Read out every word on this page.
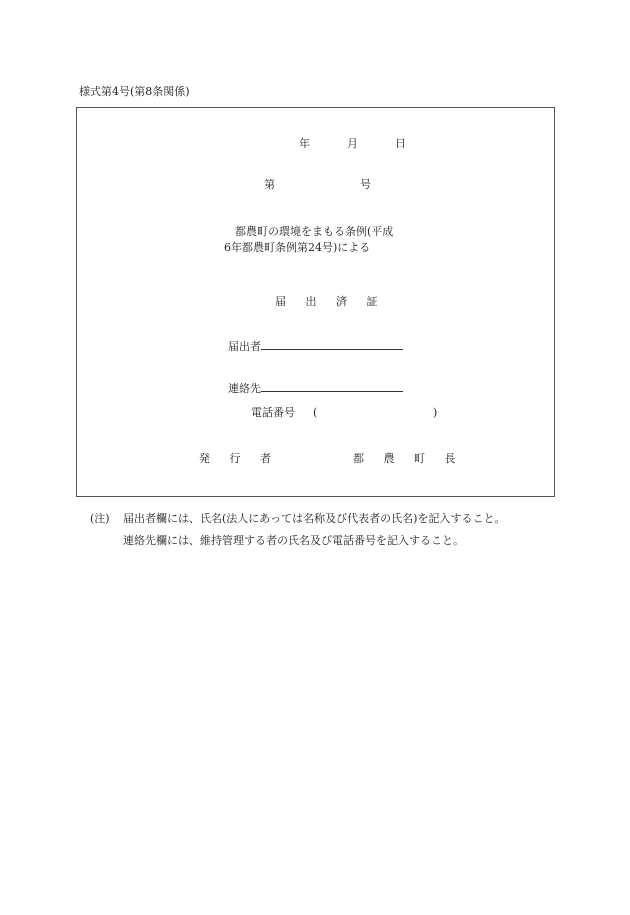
様式第4号(第8条関係)
年	月	日
第	号
都農町の環境をまもる条例(平成
6年都農町条例第24号)による
届 出 済 証
届出者
連絡先
電話番号 (	)
発 行 者	都 農 町 長
(注) 届出者欄には、氏名(法人にあっては名称及び代表者の氏名)を記入すること。
連絡先欄には、維持管理する者の氏名及び電話番号を記入すること。
